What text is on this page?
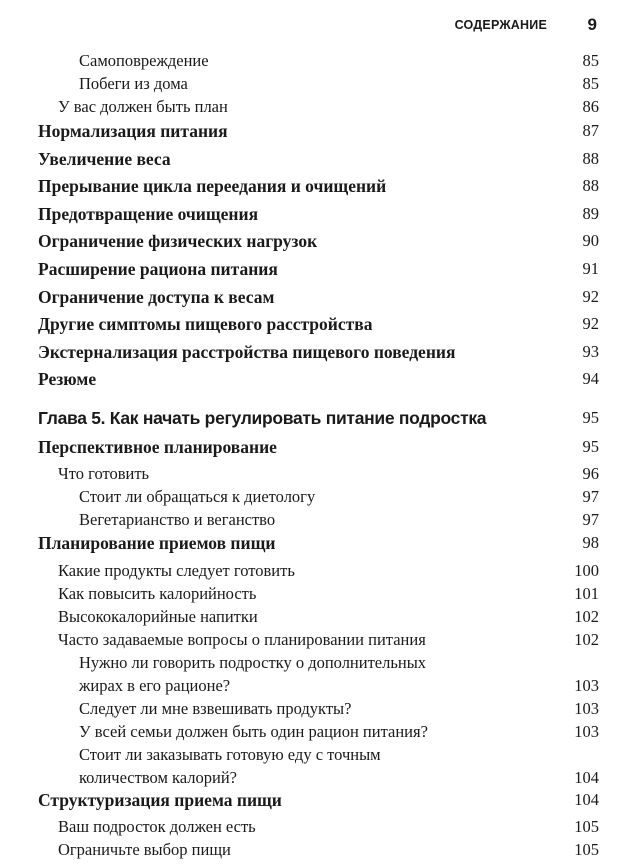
СОДЕРЖАНИЕ 9
Самоповреждение	85
Побеги из дома	85
У вас должен быть план	86
Нормализация питания	87
Увеличение веса	88
Прерывание цикла переедания и очищений	88
Предотвращение очищения	89
Ограничение физических нагрузок	90
Расширение рациона питания	91
Ограничение доступа к весам	92
Другие симптомы пищевого расстройства	92
Экстернализация расстройства пищевого поведения	93
Резюме	94
Глава 5. Как начать регулировать питание подростка	95
Перспективное планирование	95
Что готовить	96
Стоит ли обращаться к диетологу	97
Вегетарианство и веганство	97
Планирование приемов пищи	98
Какие продукты следует готовить	100
Как повысить калорийность	101
Высококалорийные напитки	102
Часто задаваемые вопросы о планировании питания	102
Нужно ли говорить подростку о дополнительных
жирах в его рационе?	103
Следует ли мне взвешивать продукты?	103
У всей семьи должен быть один рацион питания?	103
Стоит ли заказывать готовую еду с точным
количеством калорий?	104
Структуризация приема пищи	104
Ваш подросток должен есть	105
Ограничьте выбор пищи	105
